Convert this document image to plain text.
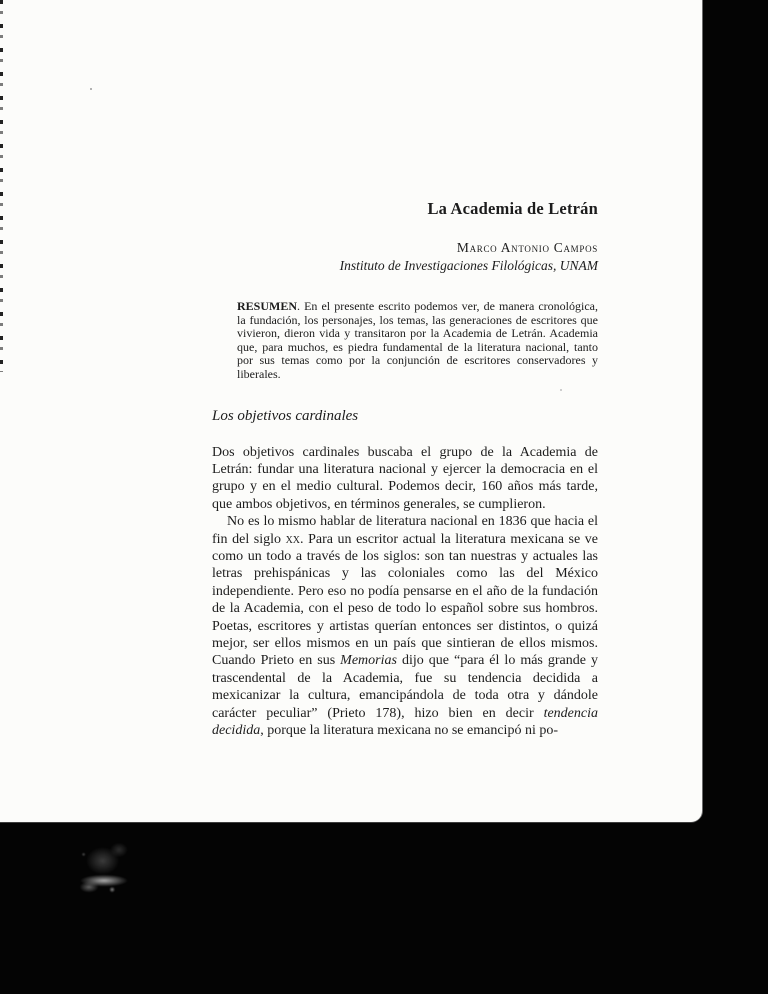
La Academia de Letrán
Marco Antonio Campos
Instituto de Investigaciones Filológicas, UNAM

RESUMEN. En el presente escrito podemos ver, de manera cronológica, la fundación, los personajes, los temas, las generaciones de escritores que vivieron, dieron vida y transitaron por la Academia de Letrán. Academia que, para muchos, es piedra fundamental de la literatura nacional, tanto por sus temas como por la conjunción de escritores conservadores y liberales.

Los objetivos cardinales

Dos objetivos cardinales buscaba el grupo de la Academia de Letrán: fundar una literatura nacional y ejercer la democracia en el grupo y en el medio cultural. Podemos decir, 160 años más tarde, que ambos objetivos, en términos generales, se cumplieron.

No es lo mismo hablar de literatura nacional en 1836 que hacia el fin del siglo xx. Para un escritor actual la literatura mexicana se ve como un todo a través de los siglos: son tan nuestras y actuales las letras prehispánicas y las coloniales como las del México independiente. Pero eso no podía pensarse en el año de la fundación de la Academia, con el peso de todo lo español sobre sus hombros. Poetas, escritores y artistas querían entonces ser distintos, o quizá mejor, ser ellos mismos en un país que sintieran de ellos mismos. Cuando Prieto en sus Memorias dijo que “para él lo más grande y trascendental de la Academia, fue su tendencia decidida a mexicanizar la cultura, emancipándola de toda otra y dándole carácter peculiar” (Prieto 178), hizo bien en decir tendencia decidida, porque la literatura mexicana no se emancipó ni po-
